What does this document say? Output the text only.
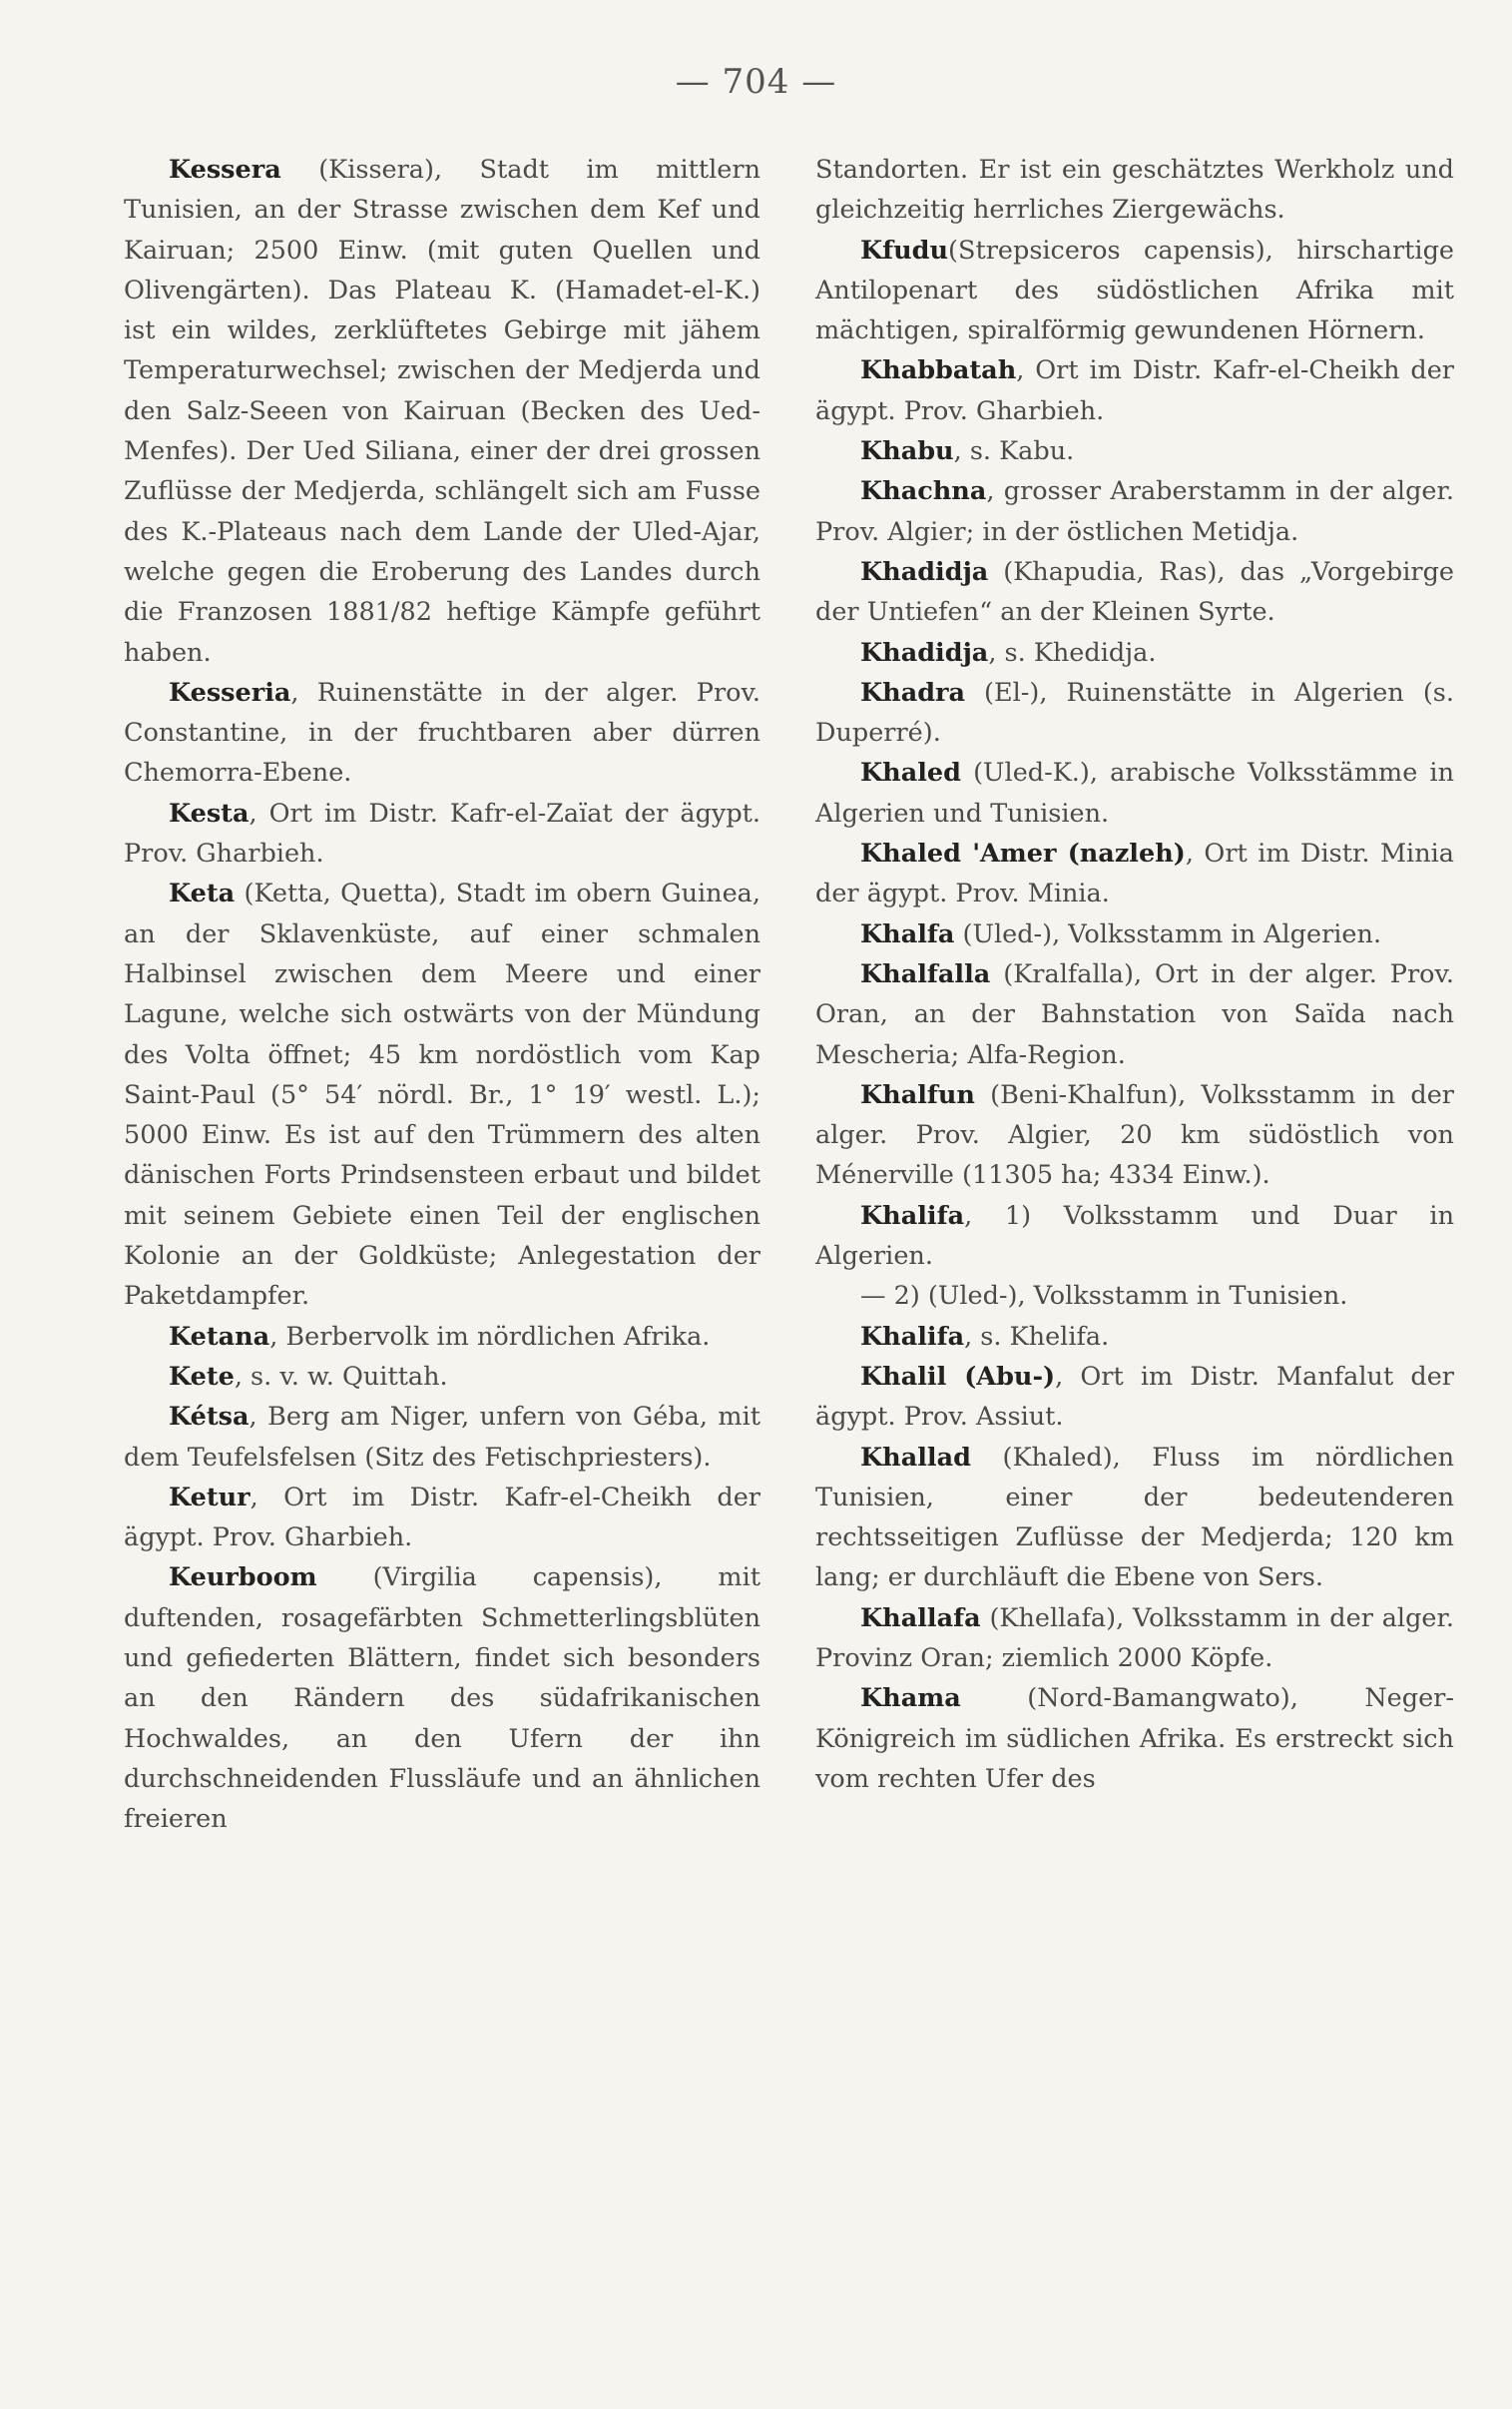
— 704 —

Kessera (Kissera), Stadt im mittlern Tunisien, an der Strasse zwischen dem Kef und Kairuan; 2500 Einw. (mit guten Quellen und Olivengärten). Das Plateau K. (Hamadet-el-K.) ist ein wildes, zerklüftetes Gebirge mit jähem Temperaturwechsel; zwischen der Medjerda und den Salz-Seeen von Kairuan (Becken des Ued-Menfes). Der Ued Siliana, einer der drei grossen Zuflüsse der Medjerda, schlängelt sich am Fusse des K.-Plateaus nach dem Lande der Uled-Ajar, welche gegen die Eroberung des Landes durch die Franzosen 1881/82 heftige Kämpfe geführt haben.

Kesseria, Ruinenstätte in der alger. Prov. Constantine, in der fruchtbaren aber dürren Chemorra-Ebene.

Kesta, Ort im Distr. Kafr-el-Zaïat der ägypt. Prov. Gharbieh.

Keta (Ketta, Quetta), Stadt im obern Guinea, an der Sklavenküste, auf einer schmalen Halbinsel zwischen dem Meere und einer Lagune, welche sich ostwärts von der Mündung des Volta öffnet; 45 km nordöstlich vom Kap Saint-Paul (5° 54′ nördl. Br., 1° 19′ westl. L.); 5000 Einw. Es ist auf den Trümmern des alten dänischen Forts Prindsensteen erbaut und bildet mit seinem Gebiete einen Teil der englischen Kolonie an der Goldküste; Anlegestation der Paketdampfer.

Ketana, Berbervolk im nördlichen Afrika.

Kete, s. v. w. Quittah.

Kétsa, Berg am Niger, unfern von Géba, mit dem Teufelsfelsen (Sitz des Fetischpriesters).

Ketur, Ort im Distr. Kafr-el-Cheikh der ägypt. Prov. Gharbieh.

Keurboom (Virgilia capensis), mit duftenden, rosagefärbten Schmetterlingsblüten und gefiederten Blättern, findet sich besonders an den Rändern des südafrikanischen Hochwaldes, an den Ufern der ihn durchschneidenden Flussläufe und an ähnlichen freieren

Standorten. Er ist ein geschätztes Werkholz und gleichzeitig herrliches Ziergewächs.

Kfudu(Strepsiceros capensis), hirschartige Antilopenart des südöstlichen Afrika mit mächtigen, spiralförmig gewundenen Hörnern.

Khabbatah, Ort im Distr. Kafr-el-Cheikh der ägypt. Prov. Gharbieh.

Khabu, s. Kabu.

Khachna, grosser Araberstamm in der alger. Prov. Algier; in der östlichen Metidja.

Khadidja (Khapudia, Ras), das „Vorgebirge der Untiefen“ an der Kleinen Syrte.

Khadidja, s. Khedidja.

Khadra (El-), Ruinenstätte in Algerien (s. Duperré).

Khaled (Uled-K.), arabische Volksstämme in Algerien und Tunisien.

Khaled 'Amer (nazleh), Ort im Distr. Minia der ägypt. Prov. Minia.

Khalfa (Uled-), Volksstamm in Algerien.

Khalfalla (Kralfalla), Ort in der alger. Prov. Oran, an der Bahnstation von Saïda nach Mescheria; Alfa-Region.

Khalfun (Beni-Khalfun), Volksstamm in der alger. Prov. Algier, 20 km südöstlich von Ménerville (11305 ha; 4334 Einw.).

Khalifa, 1) Volksstamm und Duar in Algerien.

— 2) (Uled-), Volksstamm in Tunisien.

Khalifa, s. Khelifa.

Khalil (Abu-), Ort im Distr. Manfalut der ägypt. Prov. Assiut.

Khallad (Khaled), Fluss im nördlichen Tunisien, einer der bedeutenderen rechtsseitigen Zuflüsse der Medjerda; 120 km lang; er durchläuft die Ebene von Sers.

Khallafa (Khellafa), Volksstamm in der alger. Provinz Oran; ziemlich 2000 Köpfe.

Khama (Nord-Bamangwato), Neger-Königreich im südlichen Afrika. Es erstreckt sich vom rechten Ufer des
